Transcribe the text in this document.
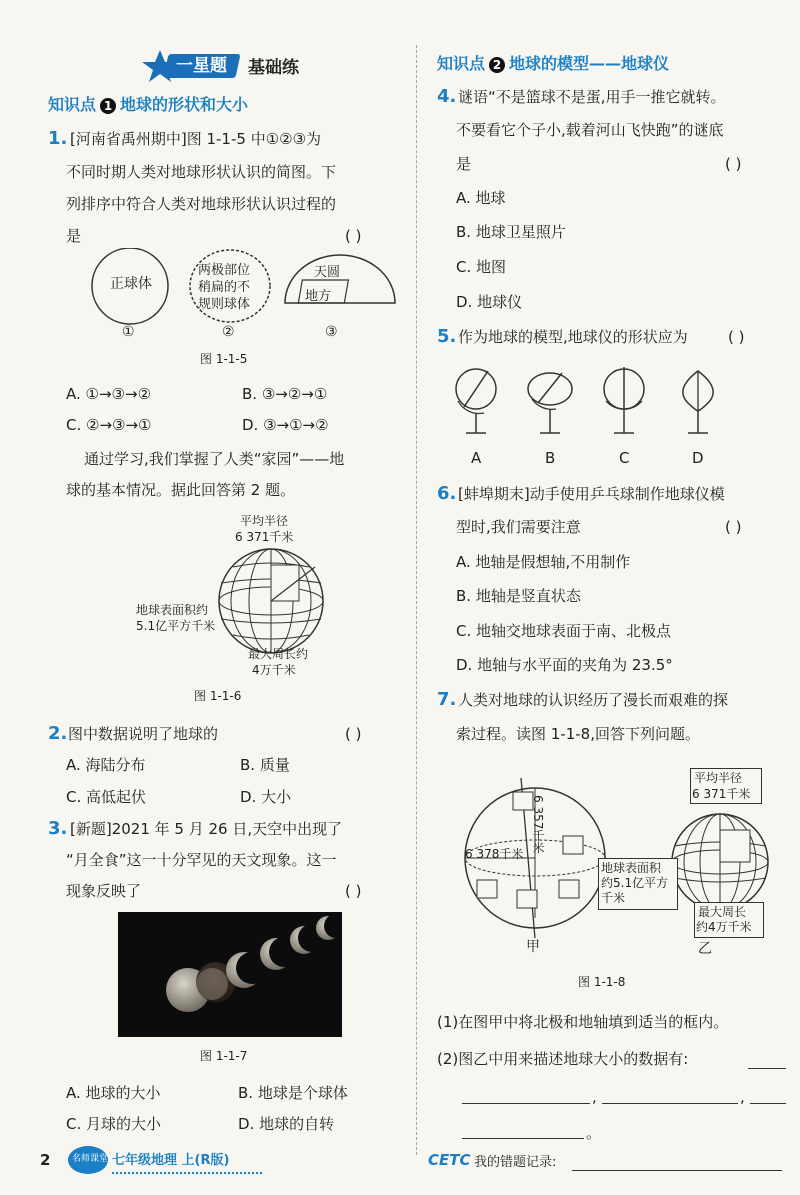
一星题 基础练
知识点 1 地球的形状和大小
1. [河南省禹州期中]图 1-1-5 中①②③为
不同时期人类对地球形状认识的简图。下
列排序中符合人类对地球形状认识过程的
是	( )
正球体
①
两极部位
稍扁的不
规则球体
②
天圆
地方
③
图 1-1-5
A. ①→③→②	B. ③→②→①
C. ②→③→①	D. ③→①→②
通过学习,我们掌握了人类“家园”——地
球的基本情况。据此回答第 2 题。
平均半径
6 371千米
地球表面积约
5.1亿平方千米
最大周长约
4万千米
图 1-1-6
2. 图中数据说明了地球的	( )
A. 海陆分布	B. 质量
C. 高低起伏	D. 大小
3. [新题]2021 年 5 月 26 日,天空中出现了
“月全食”这一十分罕见的天文现象。这一
现象反映了	( )
图 1-1-7
A. 地球的大小	B. 地球是个球体
C. 月球的大小	D. 地球的自转
知识点 2 地球的模型——地球仪
4. 谜语“不是篮球不是蛋,用手一推它就转。
不要看它个子小,载着河山飞快跑”的谜底
是	( )
A. 地球
B. 地球卫星照片
C. 地图
D. 地球仪
5. 作为地球的模型,地球仪的形状应为	( )
A	B	C	D
6. [蚌埠期末]动手使用乒乓球制作地球仪模
型时,我们需要注意	( )
A. 地轴是假想轴,不用制作
B. 地轴是竖直状态
C. 地轴交地球表面于南、北极点
D. 地轴与水平面的夹角为 23.5°
7. 人类对地球的认识经历了漫长而艰难的探
索过程。读图 1-1-8,回答下列问题。
6 378千米
6 357千米
甲
平均半径
6 371千米
地球表面积
约5.1亿平方
千米
最大周长
约4万千米
乙
图 1-1-8
(1)在图甲中将北极和地轴填到适当的框内。
(2)图乙中用来描述地球大小的数据有:
,	,
。
2 名师课堂 七年级地理 上(R版)	CETC 我的错题记录:
